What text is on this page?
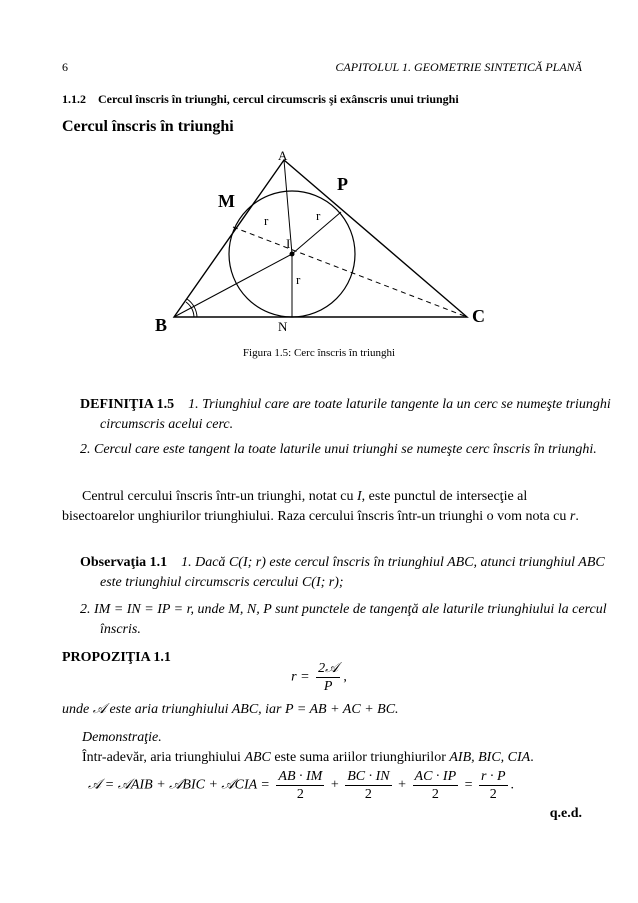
6	CAPITOLUL 1. GEOMETRIE SINTETICĂ PLANĂ
1.1.2 Cercul înscris în triunghi, cercul circumscris şi exânscris unui triunghi
Cercul înscris în triunghi
A
B	C
M
N
P
I
r	r
r
Figura 1.5: Cerc înscris în triunghi
DEFINIŢIA 1.5 1. Triunghiul care are toate laturile tangente la un cerc se numeşte triunghi circumscris acelui cerc.
2. Cercul care este tangent la toate laturile unui triunghi se numeşte cerc înscris în triunghi.
Centrul cercului înscris într-un triunghi, notat cu I, este punctul de intersecţie al bisectoarelor unghiurilor triunghiului. Raza cercului înscris într-un triunghi o vom nota cu r.
Observaţia 1.1 1. Dacă C(I; r) este cercul înscris în triunghiul ABC, atunci triunghiul ABC este triunghiul circumscris cercului C(I; r);
2. IM = IN = IP = r, unde M, N, P sunt punctele de tangenţă ale laturile triunghiului la cercul înscris.
PROPOZIŢIA 1.1
$r = \frac{\text{2𝒜}}{P}$ ,
unde 𝒜 este aria triunghiului ABC, iar P = AB + AC + BC.
Demonstraţie.
Într-adevăr, aria triunghiului ABC este suma ariilor triunghiurilor AIB, BIC, CIA.
𝒜 = 𝒜AIB + 𝒜BIC + 𝒜CIA = $\frac{AB \cdot IM}{2} + \frac{BC \cdot IN}{2} + \frac{AC \cdot IP}{2} = \frac{r \cdot P}{2}$ .
q.e.d.
